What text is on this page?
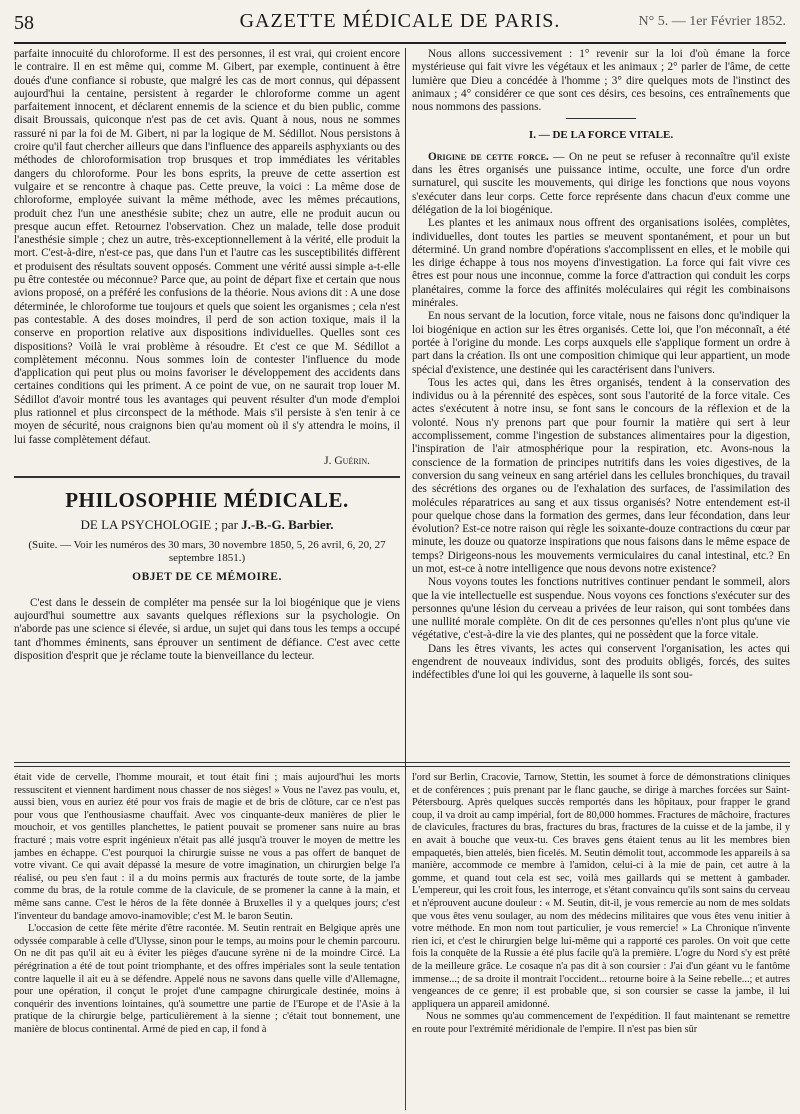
58	GAZETTE MÉDICALE DE PARIS.	N° 5. — 1er Février 1852.

parfaite innocuité du chloroforme. Il est des personnes, il est vrai, qui croient encore le contraire. Il en est même qui, comme M. Gibert, par exemple, continuent à être doués d'une confiance si robuste, que malgré les cas de mort connus, qui dépassent aujourd'hui la centaine, persistent à regarder le chloroforme comme un agent parfaitement innocent, et déclarent ennemis de la science et du bien public, comme disait Broussais, quiconque n'est pas de cet avis. Quant à nous, nous ne sommes rassuré ni par la foi de M. Gibert, ni par la logique de M. Sédillot. Nous persistons à croire qu'il faut chercher ailleurs que dans l'influence des appareils asphyxiants ou des méthodes de chloroformisation trop brusques et trop immédiates les véritables dangers du chloroforme. Pour les bons esprits, la preuve de cette assertion est vulgaire et se rencontre à chaque pas. Cette preuve, la voici : La même dose de chloroforme, employée suivant la même méthode, avec les mêmes précautions, produit chez l'un une anesthésie subite; chez un autre, elle ne produit aucun ou presque aucun effet. Retournez l'observation. Chez un malade, telle dose produit l'anesthésie simple ; chez un autre, très-exceptionnellement à la vérité, elle produit la mort. C'est-à-dire, n'est-ce pas, que dans l'un et l'autre cas les susceptibilités diffèrent et produisent des résultats souvent opposés. Comment une vérité aussi simple a-t-elle pu être contestée ou méconnue? Parce que, au point de départ fixe et certain que nous avions proposé, on a préféré les confusions de la théorie. Nous avions dit : A une dose déterminée, le chloroforme tue toujours et quels que soient les organismes ; cela n'est pas contestable. A des doses moindres, il perd de son action toxique, mais il la conserve en proportion relative aux dispositions individuelles. Quelles sont ces dispositions? Voilà le vrai problème à résoudre. Et c'est ce que M. Sédillot a complètement méconnu. Nous sommes loin de contester l'influence du mode d'application qui peut plus ou moins favoriser le développement des accidents dans certaines conditions qui les priment. A ce point de vue, on ne saurait trop louer M. Sédillot d'avoir montré tous les avantages qui peuvent résulter d'un mode d'emploi plus rationnel et plus circonspect de la méthode. Mais s'il persiste à s'en tenir à ce moyen de sécurité, nous craignons bien qu'au moment où il s'y attendra le moins, il lui fasse complètement défaut.

J. Guérin.
PHILOSOPHIE MÉDICALE.
DE LA PSYCHOLOGIE ; par J.-B.-G. Barbier.
(Suite. — Voir les numéros des 30 mars, 30 novembre 1850, 5, 26 avril, 6, 20, 27 septembre 1851.)
OBJET DE CE MÉMOIRE.

C'est dans le dessein de compléter ma pensée sur la loi biogénique que je viens aujourd'hui soumettre aux savants quelques réflexions sur la psychologie. On n'aborde pas une science si élevée, si ardue, un sujet qui dans tous les temps a occupé tant d'hommes éminents, sans éprouver un sentiment de défiance. C'est avec cette disposition d'esprit que je réclame toute la bienveillance du lecteur.

Nous allons successivement : 1° revenir sur la loi d'où émane la force mystérieuse qui fait vivre les végétaux et les animaux ; 2° parler de l'âme, de cette lumière que Dieu a concédée à l'homme ; 3° dire quelques mots de l'instinct des animaux ; 4° considérer ce que sont ces désirs, ces besoins, ces entraînements que nous nommons des passions.

I. — DE LA FORCE VITALE.

Origine de cette force. — On ne peut se refuser à reconnaître qu'il existe dans les êtres organisés une puissance intime, occulte, une force d'un ordre surnaturel, qui suscite les mouvements, qui dirige les fonctions que nous voyons s'exécuter dans leur corps. Cette force représente dans chacun d'eux comme une délégation de la loi biogénique.

Les plantes et les animaux nous offrent des organisations isolées, complètes, individuelles, dont toutes les parties se meuvent spontanément, et pour un but déterminé. Un grand nombre d'opérations s'accomplissent en elles, et le mobile qui les dirige échappe à tous nos moyens d'investigation. La force qui fait vivre ces êtres est pour nous une inconnue, comme la force d'attraction qui conduit les corps planétaires, comme la force des affinités moléculaires qui régit les combinaisons minérales.

En nous servant de la locution, force vitale, nous ne faisons donc qu'indiquer la loi biogénique en action sur les êtres organisés. Cette loi, que l'on méconnaît, a été portée à l'origine du monde. Les corps auxquels elle s'applique forment un ordre à part dans la création. Ils ont une composition chimique qui leur appartient, un mode spécial d'existence, une destinée qui les caractérisent dans l'univers.

Tous les actes qui, dans les êtres organisés, tendent à la conservation des individus ou à la pérennité des espèces, sont sous l'autorité de la force vitale. Ces actes s'exécutent à notre insu, se font sans le concours de la réflexion et de la volonté. Nous n'y prenons part que pour fournir la matière qui sert à leur accomplissement, comme l'ingestion de substances alimentaires pour la digestion, l'inspiration de l'air atmosphérique pour la respiration, etc. Avons-nous la conscience de la formation de principes nutritifs dans les voies digestives, de la conversion du sang veineux en sang artériel dans les cellules bronchiques, du travail des sécrétions des organes ou de l'exhalation des surfaces, de l'assimilation des molécules réparatrices au sang et aux tissus organisés? Notre entendement est-il pour quelque chose dans la formation des germes, dans leur fécondation, dans leur évolution? Est-ce notre raison qui règle les soixante-douze contractions du cœur par minute, les douze ou quatorze inspirations que nous faisons dans le même espace de temps? Dirigeons-nous les mouvements vermiculaires du canal intestinal, etc.? En un mot, est-ce à notre intelligence que nous devons notre existence?

Nous voyons toutes les fonctions nutritives continuer pendant le sommeil, alors que la vie intellectuelle est suspendue. Nous voyons ces fonctions s'exécuter sur des personnes qu'une lésion du cerveau a privées de leur raison, qui sont tombées dans une nullité morale complète. On dit de ces personnes qu'elles n'ont plus qu'une vie végétative, c'est-à-dire la vie des plantes, qui ne possèdent que la force vitale.

Dans les êtres vivants, les actes qui conservent l'organisation, les actes qui engendrent de nouveaux individus, sont des produits obligés, forcés, des suites indéfectibles d'une loi qui les gouverne, à laquelle ils sont sou-

était vide de cervelle, l'homme mourait, et tout était fini ; mais aujourd'hui les morts ressuscitent et viennent hardiment nous chasser de nos sièges! » Vous ne l'avez pas voulu, et, aussi bien, vous en auriez été pour vos frais de magie et de bris de clôture, car ce n'est pas pour vous que l'enthousiasme chauffait. Avec vos cinquante-deux manières de plier le mouchoir, et vos gentilles planchettes, le patient pouvait se promener sans nuire au bras fracturé ; mais votre esprit ingénieux n'était pas allé jusqu'à trouver le moyen de mettre les jambes en échappe. C'est pourquoi la chirurgie suisse ne vous a pas offert de banquet de votre vivant. Ce qui avait dépassé la mesure de votre imagination, un chirurgien belge l'a réalisé, ou peu s'en faut : il a du moins permis aux fracturés de toute sorte, de la jambe comme du bras, de la rotule comme de la clavicule, de se promener la canne à la main, et même sans canne. C'est le héros de la fête donnée à Bruxelles il y a quelques jours; c'est l'inventeur du bandage amovo-inamovible; c'est M. le baron Seutin.

L'occasion de cette fête mérite d'être racontée. M. Seutin rentrait en Belgique après une odyssée comparable à celle d'Ulysse, sinon pour le temps, au moins pour le chemin parcouru. On ne dit pas qu'il ait eu à éviter les pièges d'aucune syrène ni de la moindre Circé. La pérégrination a été de tout point triomphante, et des offres impériales sont la seule tentation contre laquelle il ait eu à se défendre. Appelé nous ne savons dans quelle ville d'Allemagne, pour une opération, il conçut le projet d'une campagne chirurgicale destinée, moins à conquérir des inventions lointaines, qu'à soumettre une partie de l'Europe et de l'Asie à la pratique de la chirurgie belge, particulièrement à la sienne ; c'était tout bonnement, une manière de blocus continental. Armé de pied en cap, il fond à

l'ord sur Berlin, Cracovie, Tarnow, Stettin, les soumet à force de démonstrations cliniques et de conférences ; puis prenant par le flanc gauche, se dirige à marches forcées sur Saint-Pétersbourg. Après quelques succès remportés dans les hôpitaux, pour frapper le grand coup, il va droit au camp impérial, fort de 80,000 hommes. Fractures de mâchoire, fractures de clavicules, fractures du bras, fractures du bras, fractures de la cuisse et de la jambe, il y en avait à bouche que veux-tu. Ces braves gens étaient tenus au lit les membres bien empaquetés, bien attelés, bien ficelés. M. Seutin démolit tout, accommode les appareils à sa manière, accommode ce membre à l'amidon, celui-ci à la mie de pain, cet autre à la gomme, et quand tout cela est sec, voilà mes gaillards qui se mettent à gambader. L'empereur, qui les croit fous, les interroge, et s'étant convaincu qu'ils sont sains du cerveau et n'éprouvent aucune douleur : « M. Seutin, dit-il, je vous remercie au nom de mes soldats que vous êtes venu soulager, au nom des médecins militaires que vous êtes venu initier à votre méthode. En mon nom tout particulier, je vous remercie! » La Chronique n'invente rien ici, et c'est le chirurgien belge lui-même qui a rapporté ces paroles. On voit que cette fois la conquête de la Russie a été plus facile qu'à la première. L'ogre du Nord s'y est prêté de la meilleure grâce. Le cosaque n'a pas dit à son coursier : J'ai d'un géant vu le fantôme immense...; de sa droite il montrait l'occident... retourne boire à la Seine rebelle...; et autres vengeances de ce genre; il est probable que, si son coursier se casse la jambe, il lui appliquera un appareil amidonné.

Nous ne sommes qu'au commencement de l'expédition. Il faut maintenant se remettre en route pour l'extrémité méridionale de l'empire. Il n'est pas bien sûr
